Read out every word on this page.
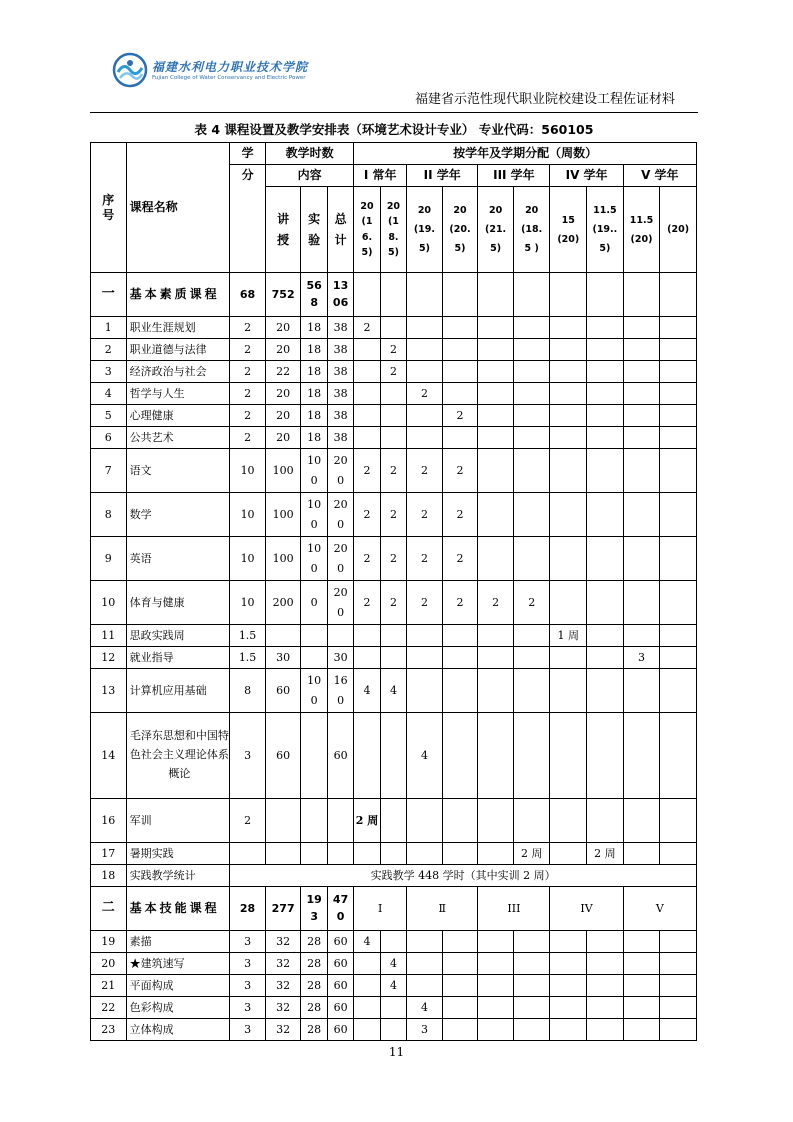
福建水利电力职业技术学院
Fujian College of Water Conservancy and Electric Power
福建省示范性现代职业院校建设工程佐证材料
表 4 课程设置及教学安排表（环境艺术设计专业） 专业代码：560105
序号	课程名称	学	教学时数			按学年及学期分配（周数）									
		分	内容			I 常年		II 学年		III 学年		IV 学年		V 学年	
			讲授	实验	总计	20 (1 6. 5)	20 (1 8. 5)	20 (19. 5)	20 (20. 5)	20 (21. 5)	20 (18.5 )	15 (20)	11.5 (19.. 5)	11.5 (20)	(20)
一	基本素质课程	68	752	568	1306										
1	职业生涯规划	2	20	18	38	2									
2	职业道德与法律	2	20	18	38		2								
3	经济政治与社会	2	22	18	38		2								
4	哲学与人生	2	20	18	38			2							
5	心理健康	2	20	18	38				2						
6	公共艺术	2	20	18	38										
7	语文	10	100	100	200	2	2	2	2						
8	数学	10	100	100	200	2	2	2	2						
9	英语	10	100	100	200	2	2	2	2						
10	体育与健康	10	200	0	200	2	2	2	2	2	2				
11	思政实践周	1.5										1 周			
12	就业指导	1.5	30		30									3	
13	计算机应用基础	8	60	100	160	4	4								
14	毛泽东思想和中国特色社会主义理论体系概论	3	60		60			4							
16	军训	2				2 周									
17	暑期实践										2 周		2 周		
18	实践教学统计	实践教学 448 学时（其中实训 2 周）													
二	基本技能课程	28	277	193	470	I		Ⅱ		III		IV		V	
19	素描	3	32	28	60	4									
20	★建筑速写	3	32	28	60		4								
21	平面构成	3	32	28	60		4								
22	色彩构成	3	32	28	60			4							
23	立体构成	3	32	28	60			3							
11
